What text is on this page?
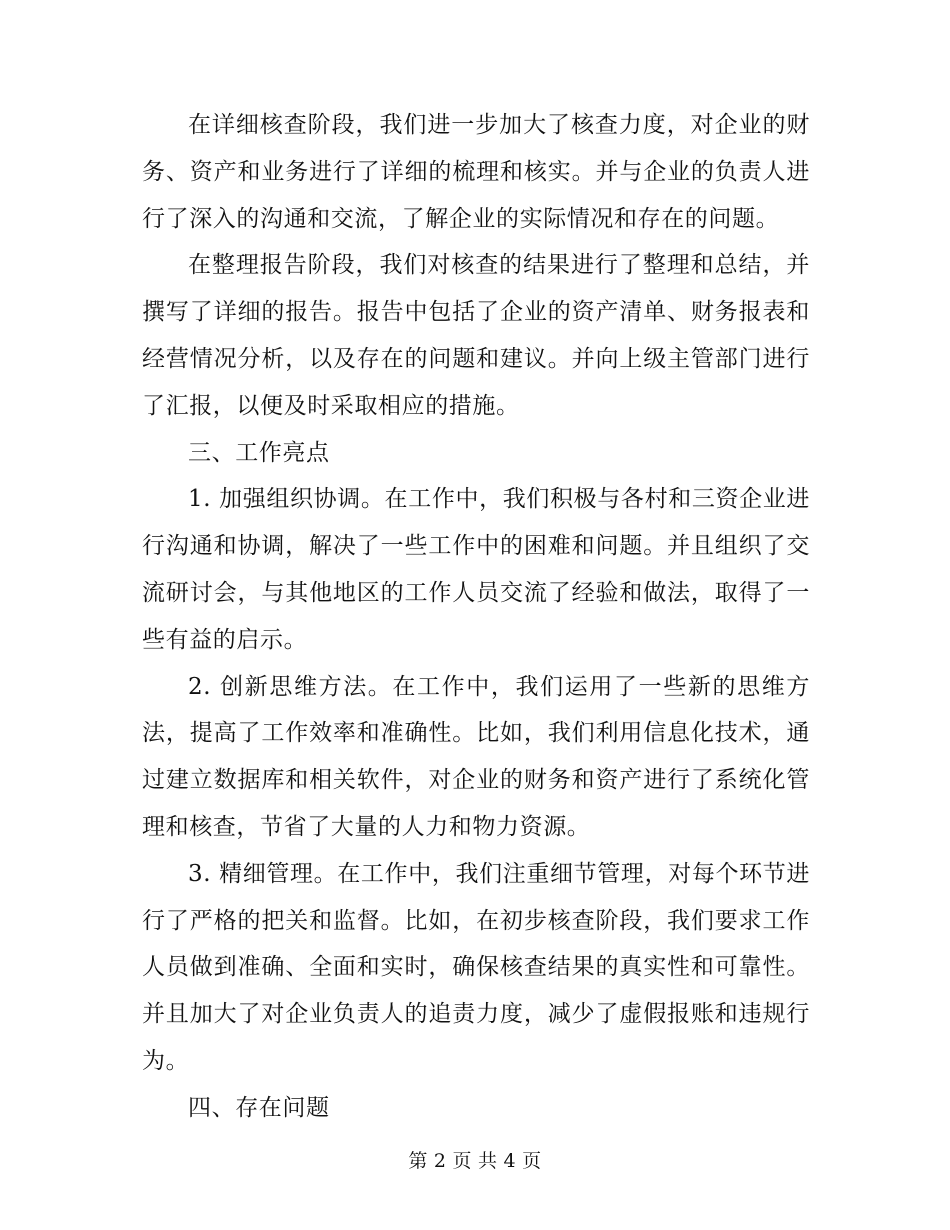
在详细核查阶段，我们进一步加大了核查力度，对企业的财务、资产和业务进行了详细的梳理和核实。并与企业的负责人进行了深入的沟通和交流，了解企业的实际情况和存在的问题。

在整理报告阶段，我们对核查的结果进行了整理和总结，并撰写了详细的报告。报告中包括了企业的资产清单、财务报表和经营情况分析，以及存在的问题和建议。并向上级主管部门进行了汇报，以便及时采取相应的措施。

三、工作亮点

1. 加强组织协调。在工作中，我们积极与各村和三资企业进行沟通和协调，解决了一些工作中的困难和问题。并且组织了交流研讨会，与其他地区的工作人员交流了经验和做法，取得了一些有益的启示。

2. 创新思维方法。在工作中，我们运用了一些新的思维方法，提高了工作效率和准确性。比如，我们利用信息化技术，通过建立数据库和相关软件，对企业的财务和资产进行了系统化管理和核查，节省了大量的人力和物力资源。

3. 精细管理。在工作中，我们注重细节管理，对每个环节进行了严格的把关和监督。比如，在初步核查阶段，我们要求工作人员做到准确、全面和实时，确保核查结果的真实性和可靠性。并且加大了对企业负责人的追责力度，减少了虚假报账和违规行为。

四、存在问题

第 2 页 共 4 页
